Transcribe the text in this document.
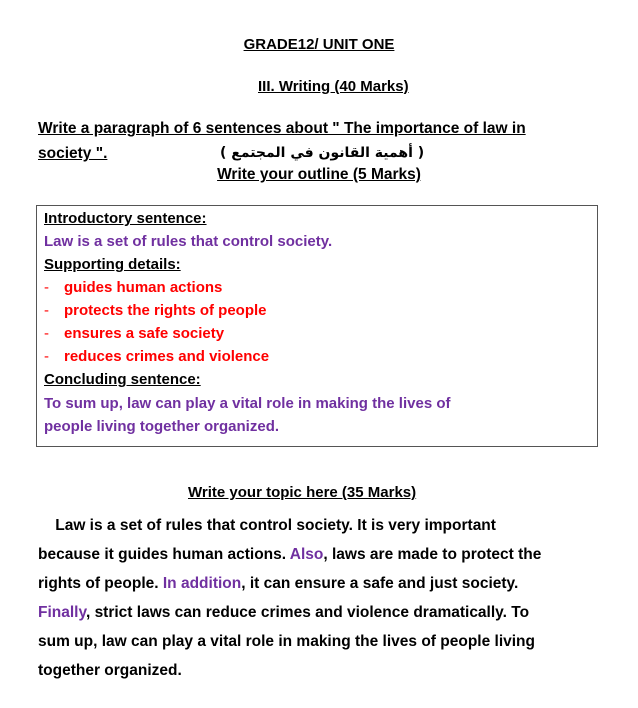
GRADE12/ UNIT ONE
III. Writing (40 Marks)
Write a paragraph of 6 sentences about " The importance of law in
society ".	( أهمية القانون في المجتمع )
Write your outline (5 Marks)
Introductory sentence:
Law is a set of rules that control society.
Supporting details:
- guides human actions
- protects the rights of people
- ensures a safe society
- reduces crimes and violence
Concluding sentence:
To sum up, law can play a vital role in making the lives of
people living together organized.
Write your topic here (35 Marks)
Law is a set of rules that control society. It is very important
because it guides human actions. Also, laws are made to protect the
rights of people. In addition, it can ensure a safe and just society.
Finally, strict laws can reduce crimes and violence dramatically. To
sum up, law can play a vital role in making the lives of people living
together organized.
